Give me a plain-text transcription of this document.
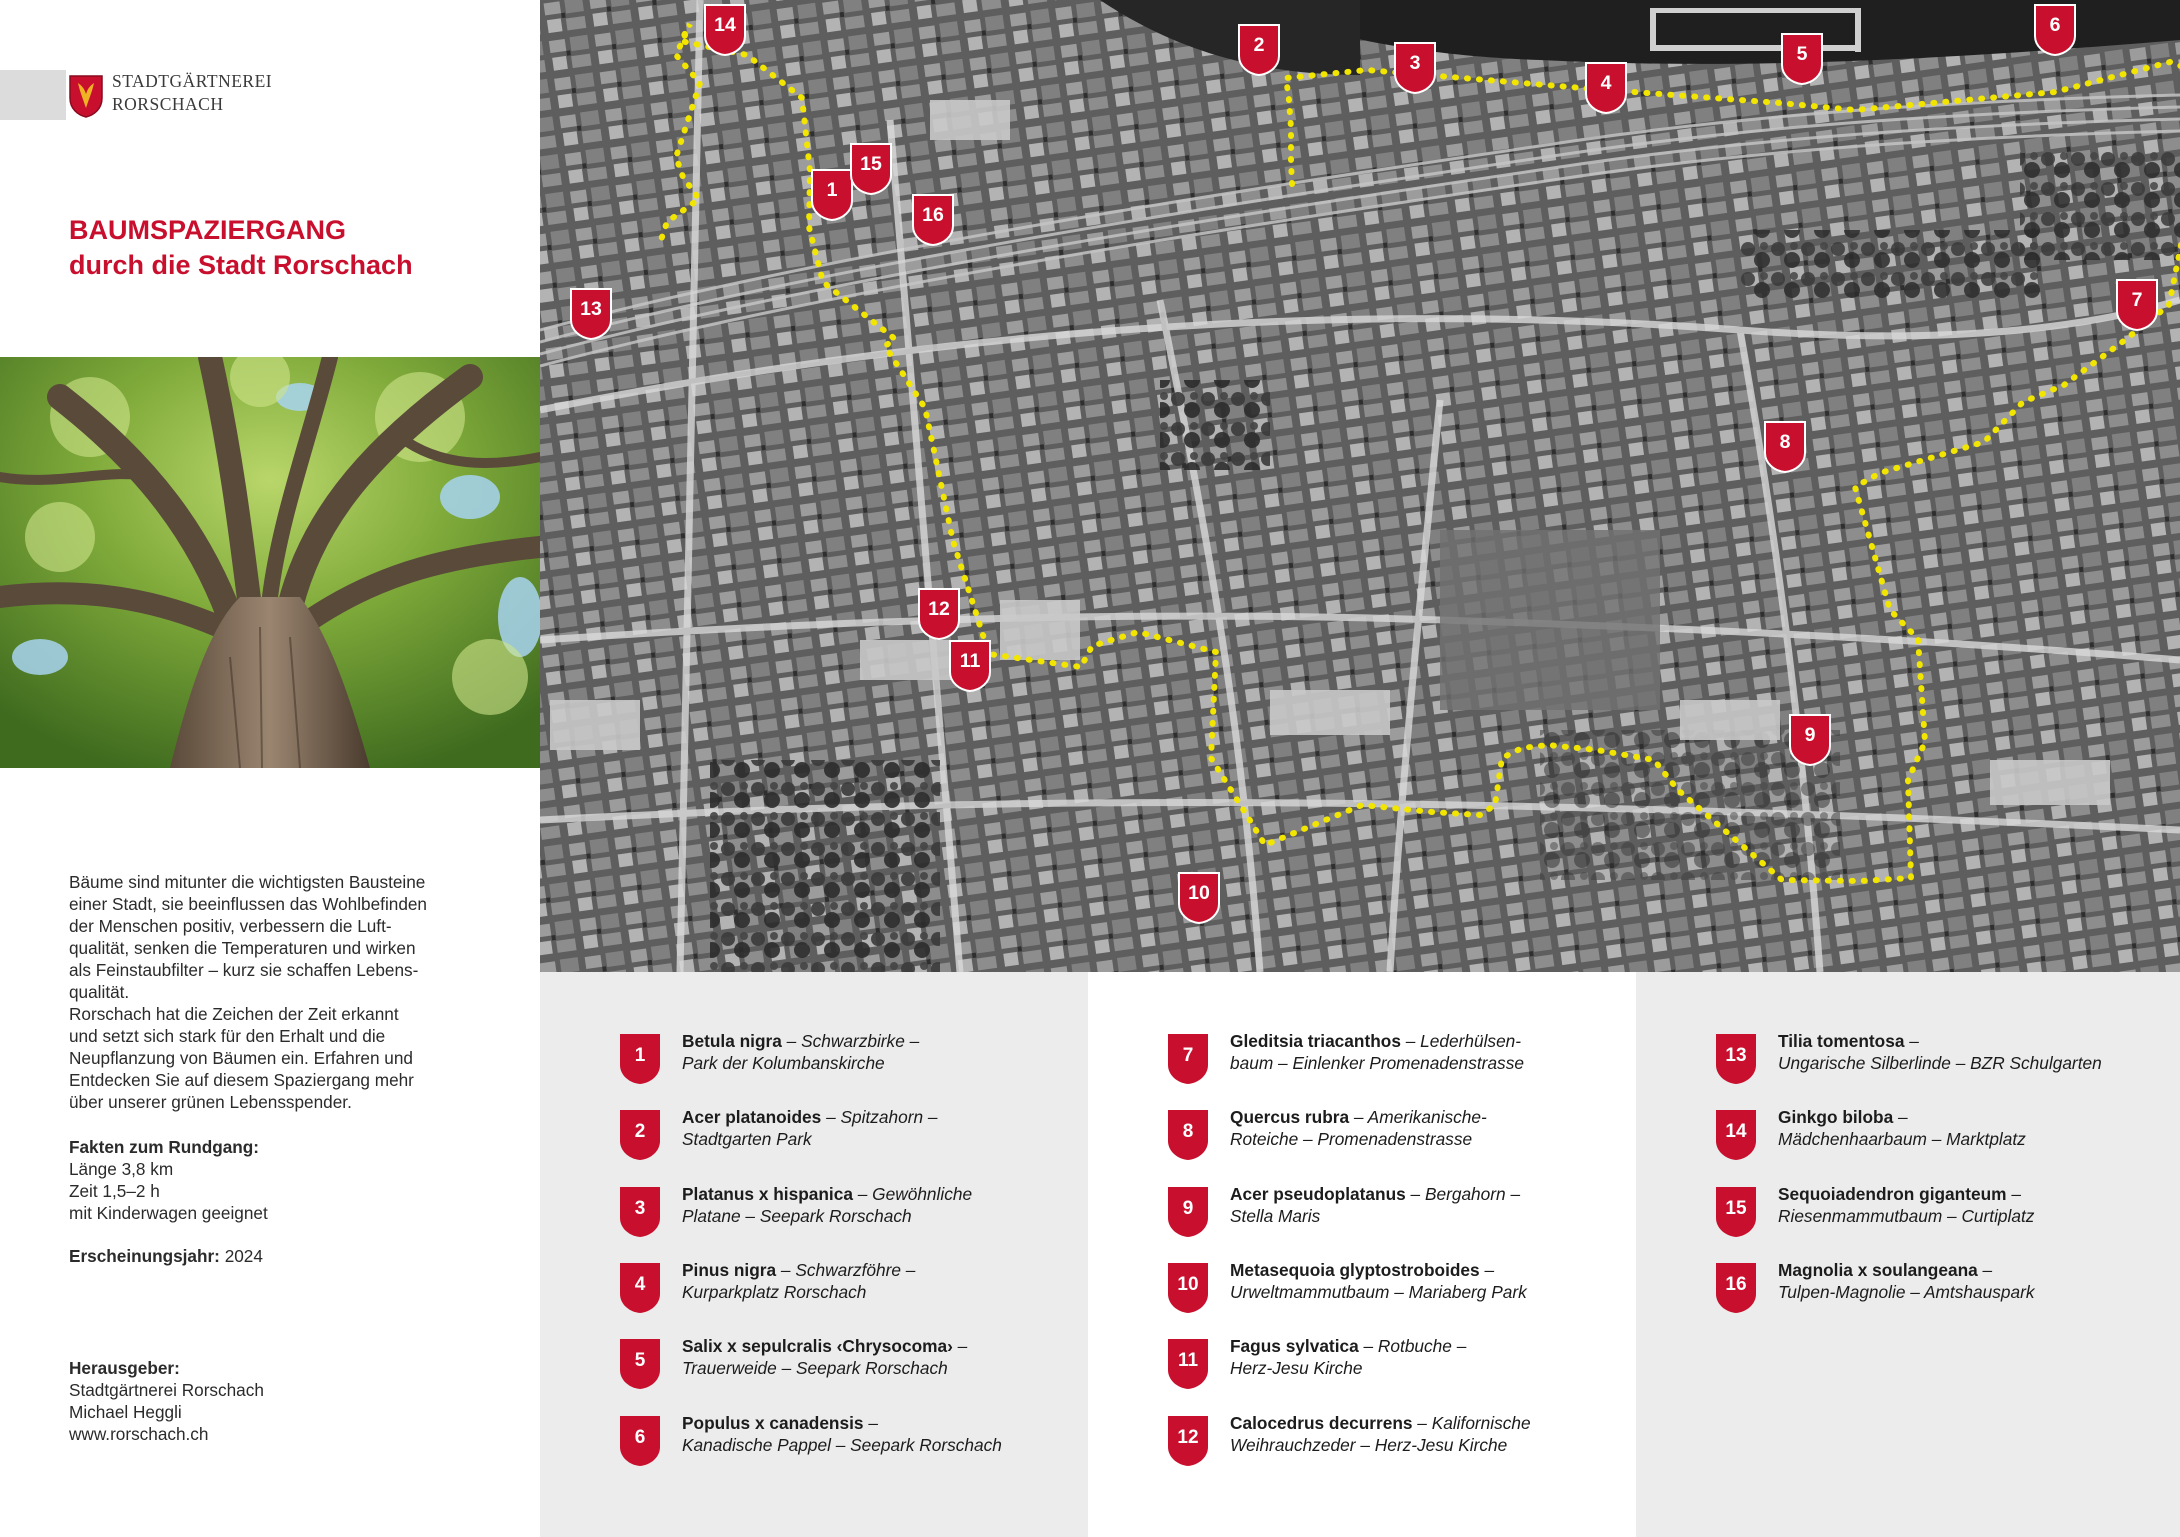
STADTGÄRTNEREI
RORSCHACH
BAUMSPAZIERGANG
durch die Stadt Rorschach

Bäume sind mitunter die wichtigsten Bausteine

einer Stadt, sie beeinflussen das Wohlbefinden

der Menschen positiv, verbessern die Luft-

qualität, senken die Temperaturen und wirken

als Feinstaubfilter – kurz sie schaffen Lebens-

qualität.

Rorschach hat die Zeichen der Zeit erkannt

und setzt sich stark für den Erhalt und die

Neupflanzung von Bäumen ein. Erfahren und

Entdecken Sie auf diesem Spaziergang mehr

über unserer grünen Lebensspender.

Fakten zum Rundgang:
Länge 3,8 km
Zeit 1,5–2 h
mit Kinderwagen geeignet
Erscheinungsjahr: 2024
Herausgeber:
Stadtgärtnerei Rorschach
Michael Heggli
www.rorschach.ch
1
2
3
4
5
6
7
8
9
10
11
12
13
14
15
16
1
Betula nigra – Schwarzbirke –
Park der Kolumbanskirche
2
Acer platanoides – Spitzahorn –
Stadtgarten Park
3
Platanus x hispanica – Gewöhnliche
Platane – Seepark Rorschach
4
Pinus nigra – Schwarzföhre –
Kurparkplatz Rorschach
5
Salix x sepulcralis ‹Chrysocoma› –
Trauerweide – Seepark Rorschach
6
Populus x canadensis –
Kanadische Pappel – Seepark Rorschach
7
Gleditsia triacanthos – Lederhülsen-
baum – Einlenker Promenadenstrasse
8
Quercus rubra – Amerikanische-
Roteiche – Promenadenstrasse
9
Acer pseudoplatanus – Bergahorn –
Stella Maris
10
Metasequoia glyptostroboides –
Urweltmammutbaum – Mariaberg Park
11
Fagus sylvatica – Rotbuche –
Herz-Jesu Kirche
12
Calocedrus decurrens – Kalifornische
Weihrauchzeder – Herz-Jesu Kirche
13
Tilia tomentosa –
Ungarische Silberlinde – BZR Schulgarten
14
Ginkgo biloba –
Mädchenhaarbaum – Marktplatz
15
Sequoiadendron giganteum –
Riesenmammutbaum – Curtiplatz
16
Magnolia x soulangeana –
Tulpen-Magnolie – Amtshauspark
